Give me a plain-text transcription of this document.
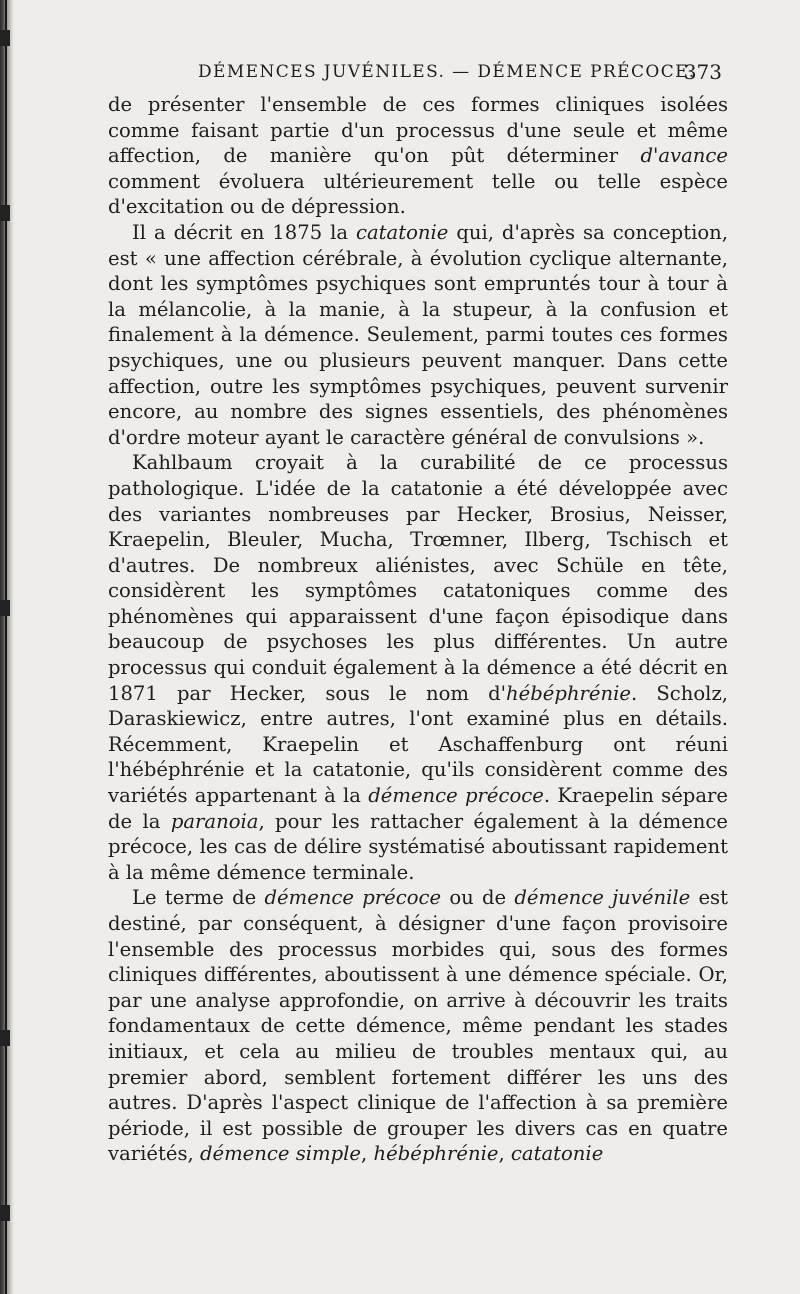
DÉMENCES JUVÉNILES. — DÉMENCE PRÉCOCE.
373

de présenter l'ensemble de ces formes cliniques isolées comme faisant partie d'un processus d'une seule et même affection, de manière qu'on pût déterminer d'avance comment évoluera ultérieurement telle ou telle espèce d'excitation ou de dépression.

Il a décrit en 1875 la catatonie qui, d'après sa conception, est « une affection cérébrale, à évolution cyclique alternante, dont les symptômes psychiques sont empruntés tour à tour à la mélancolie, à la manie, à la stupeur, à la confusion et finalement à la démence. Seulement, parmi toutes ces formes psychiques, une ou plusieurs peuvent manquer. Dans cette affection, outre les symptômes psychiques, peuvent survenir encore, au nombre des signes essentiels, des phénomènes d'ordre moteur ayant le caractère général de convulsions ».

Kahlbaum croyait à la curabilité de ce processus pathologique. L'idée de la catatonie a été développée avec des variantes nombreuses par Hecker, Brosius, Neisser, Kraepelin, Bleuler, Mucha, Trœmner, Ilberg, Tschisch et d'autres. De nombreux aliénistes, avec Schüle en tête, considèrent les symptômes catatoniques comme des phénomènes qui apparaissent d'une façon épisodique dans beaucoup de psychoses les plus différentes. Un autre processus qui conduit également à la démence a été décrit en 1871 par Hecker, sous le nom d'hébéphrénie. Scholz, Daraskiewicz, entre autres, l'ont examiné plus en détails. Récemment, Kraepelin et Aschaffenburg ont réuni l'hébéphrénie et la catatonie, qu'ils considèrent comme des variétés appartenant à la démence précoce. Kraepelin sépare de la paranoia, pour les rattacher également à la démence précoce, les cas de délire systématisé aboutissant rapidement à la même démence terminale.

Le terme de démence précoce ou de démence juvénile est destiné, par conséquent, à désigner d'une façon provisoire l'ensemble des processus morbides qui, sous des formes cliniques différentes, aboutissent à une démence spéciale. Or, par une analyse approfondie, on arrive à découvrir les traits fondamentaux de cette démence, même pendant les stades initiaux, et cela au milieu de troubles mentaux qui, au premier abord, semblent fortement différer les uns des autres. D'après l'aspect clinique de l'affection à sa première période, il est possible de grouper les divers cas en quatre variétés, démence simple, hébéphrénie, catatonie
